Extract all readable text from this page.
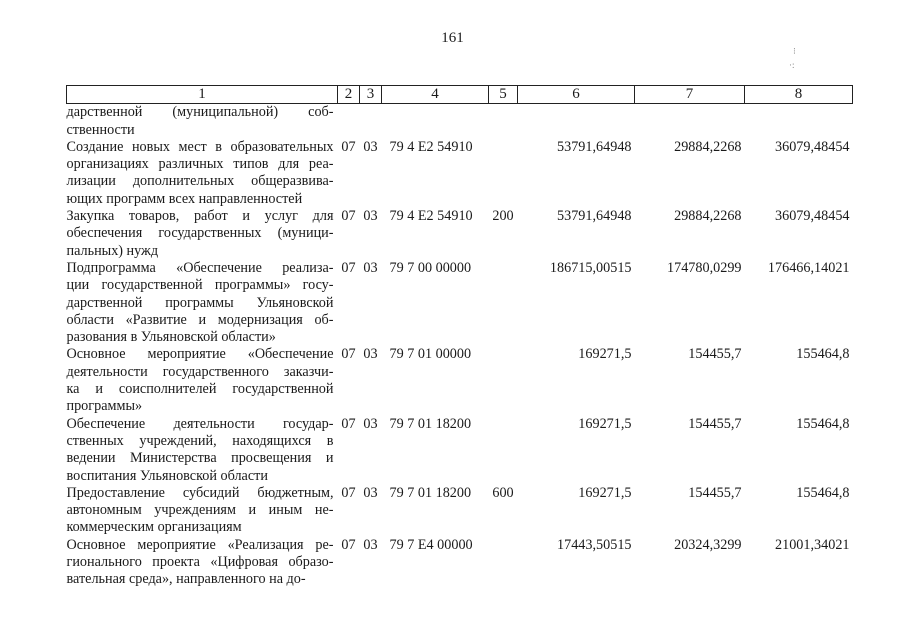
161
1	2	3	4	5	6	7	8

дарственной (муниципальной) соб-
ственности							

Создание новых мест в образовательных
организациях различных типов для реа-
лизации дополнительных общеразвива-
ющих программ всех направленностей	07	03	79 4 E2 54910		53791,64948	29884,2268	36079,48454

Закупка товаров, работ и услуг для
обеспечения государственных (муници-
пальных) нужд	07	03	79 4 E2 54910	200	53791,64948	29884,2268	36079,48454

Подпрограмма «Обеспечение реализа-
ции государственной программы» госу-
дарственной программы Ульяновской
области «Развитие и модернизация об-
разования в Ульяновской области»	07	03	79 7 00 00000		186715,00515	174780,0299	176466,14021

Основное мероприятие «Обеспечение
деятельности государственного заказчи-
ка и соисполнителей государственной
программы»	07	03	79 7 01 00000		169271,5	154455,7	155464,8

Обеспечение деятельности государ-
ственных учреждений, находящихся в
ведении Министерства просвещения и
воспитания Ульяновской области	07	03	79 7 01 18200		169271,5	154455,7	155464,8

Предоставление субсидий бюджетным,
автономным учреждениям и иным не-
коммерческим организациям	07	03	79 7 01 18200	600	169271,5	154455,7	155464,8

Основное мероприятие «Реализация ре-
гионального проекта «Цифровая образо-
вательная среда», направленного на до-	07	03	79 7 E4 00000		17443,50515	20324,3299	21001,34021
⁝
·:
